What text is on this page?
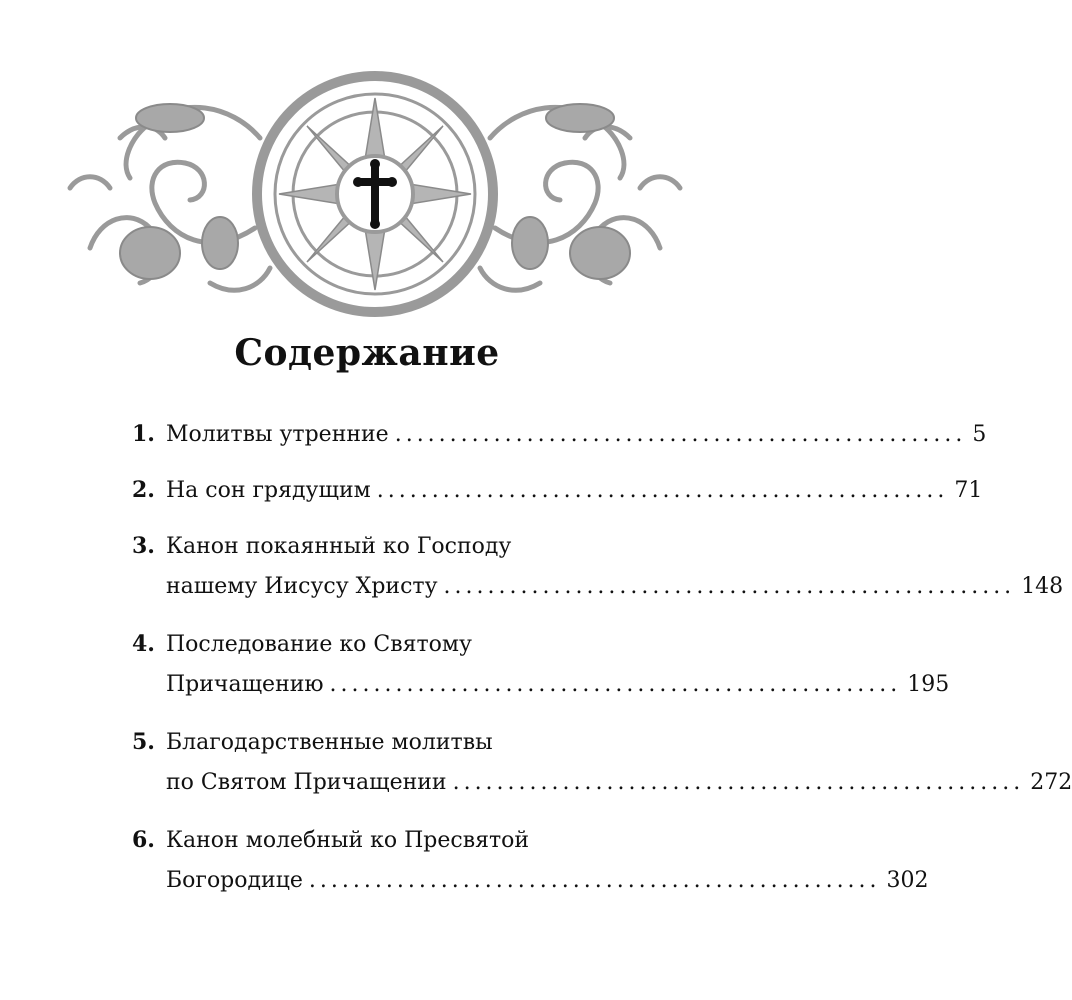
Содержание
1. Молитвы утренние .................................................... 5
2. На сон грядущим .................................................... 71
3. Канон покаянный ко Господу
нашему Иисусу Христу .................................................... 148
4. Последование ко Святому
Причащению .................................................... 195
5. Благодарственные молитвы
по Святом Причащении .................................................... 272
6. Канон молебный ко Пресвятой
Богородице .................................................... 302
